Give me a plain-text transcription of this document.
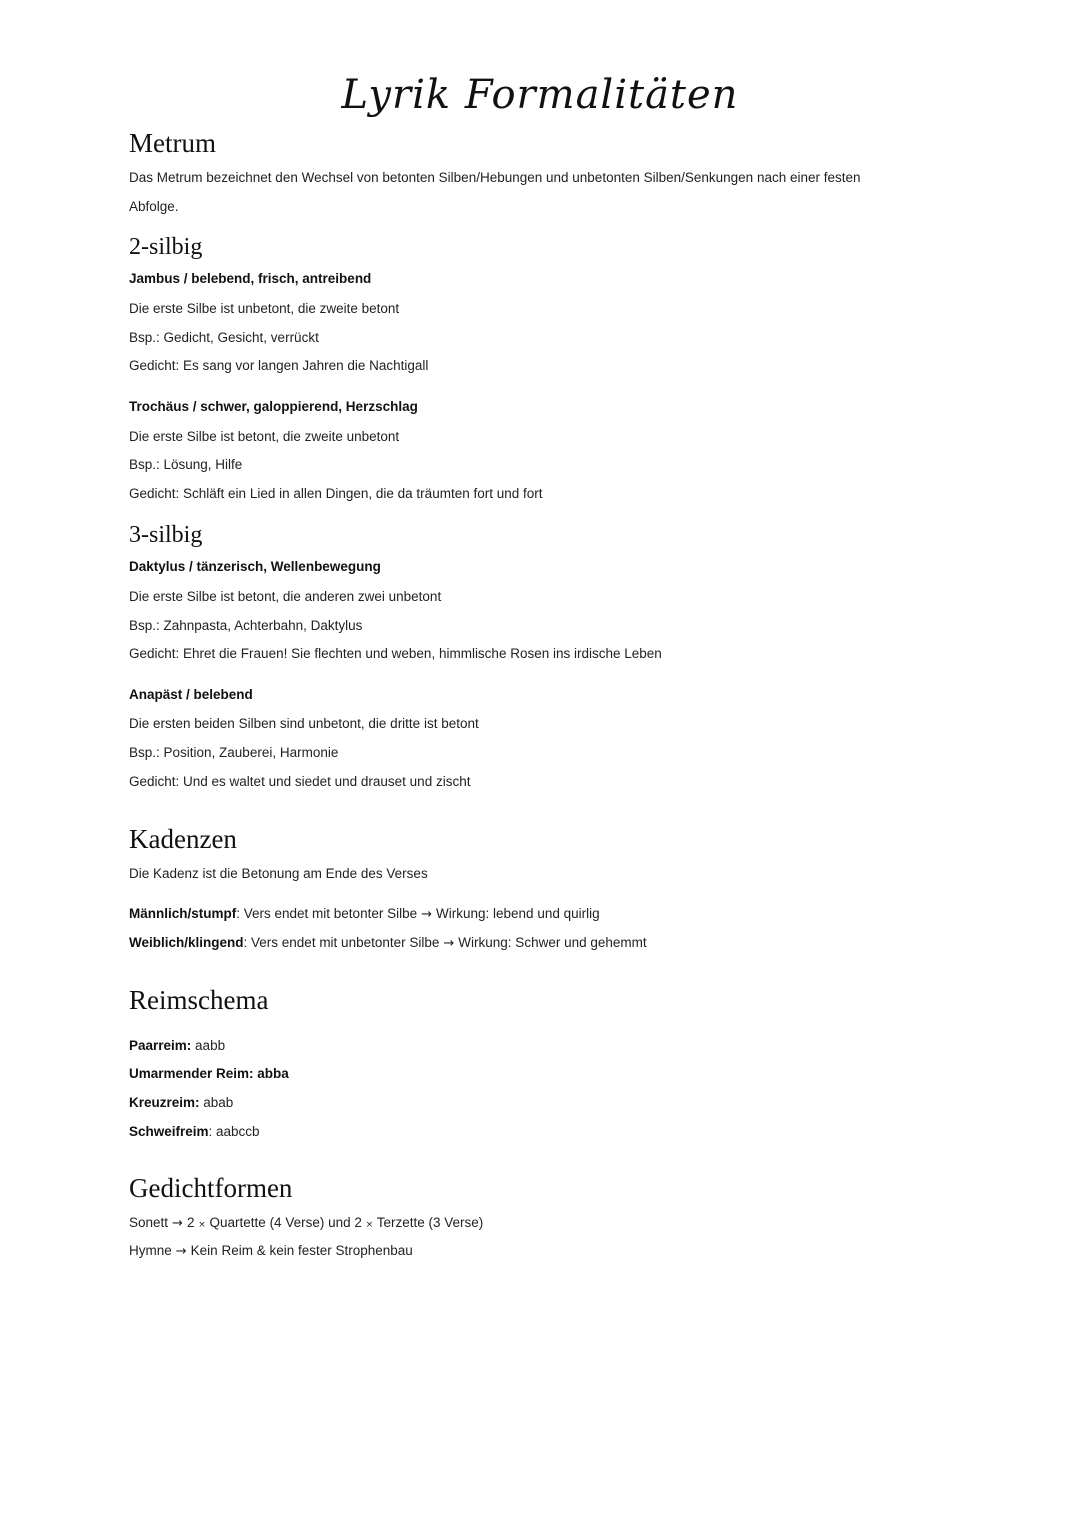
Lyrik Formalitäten
Metrum
Das Metrum bezeichnet den Wechsel von betonten Silben/Hebungen und unbetonten Silben/Senkungen nach einer festen
Abfolge.
2-silbig
Jambus / belebend, frisch, antreibend
Die erste Silbe ist unbetont, die zweite betont
Bsp.: Gedicht, Gesicht, verrückt
Gedicht: Es sang vor langen Jahren die Nachtigall
Trochäus / schwer, galoppierend, Herzschlag
Die erste Silbe ist betont, die zweite unbetont
Bsp.: Lösung, Hilfe
Gedicht: Schläft ein Lied in allen Dingen, die da träumten fort und fort
3-silbig
Daktylus / tänzerisch, Wellenbewegung
Die erste Silbe ist betont, die anderen zwei unbetont
Bsp.: Zahnpasta, Achterbahn, Daktylus
Gedicht: Ehret die Frauen! Sie flechten und weben, himmlische Rosen ins irdische Leben
Anapäst / belebend
Die ersten beiden Silben sind unbetont, die dritte ist betont
Bsp.: Position, Zauberei, Harmonie
Gedicht: Und es waltet und siedet und drauset und zischt
Kadenzen
Die Kadenz ist die Betonung am Ende des Verses
Männlich/stumpf: Vers endet mit betonter Silbe → Wirkung: lebend und quirlig
Weiblich/klingend: Vers endet mit unbetonter Silbe → Wirkung: Schwer und gehemmt
Reimschema
Paarreim: aabb
Umarmender Reim: abba
Kreuzreim: abab
Schweifreim: aabccb
Gedichtformen
Sonett → 2 × Quartette (4 Verse) und 2 × Terzette (3 Verse)
Hymne → Kein Reim & kein fester Strophenbau
